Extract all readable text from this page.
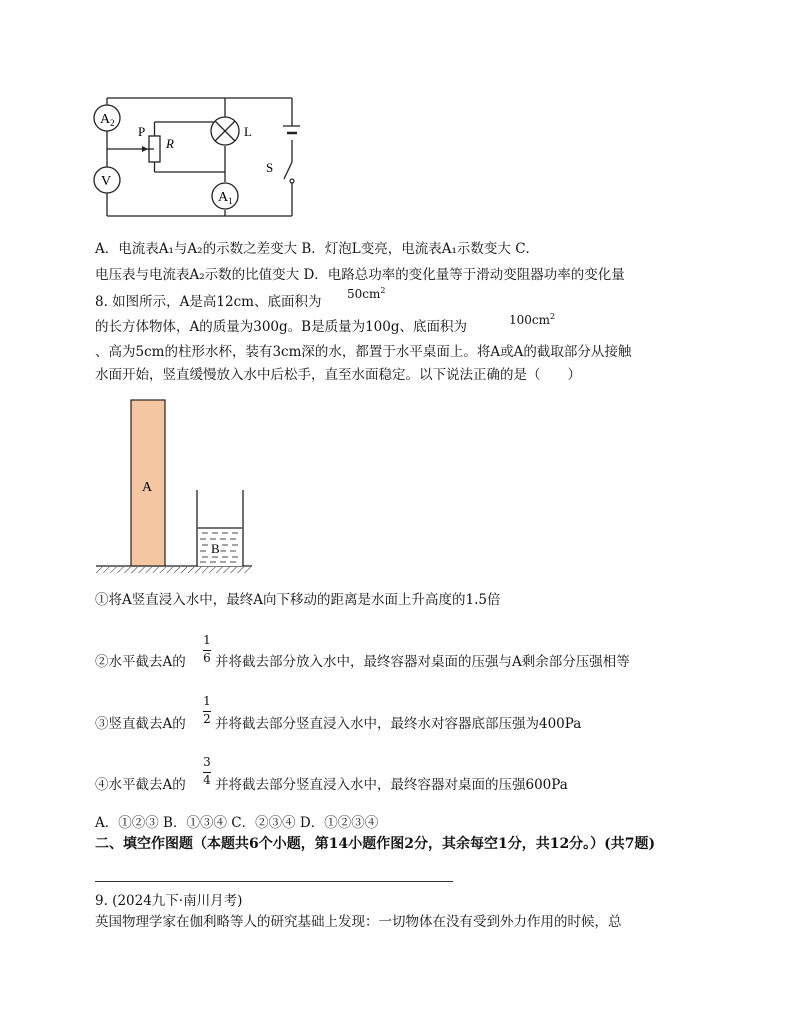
$A_2$
V
P
R
L
S
$A_1$
A．电流表A₁与A₂的示数之差变大 B．灯泡L变亮，电流表A₁示数变大 C．
电压表与电流表A₂示数的比值变大 D．电路总功率的变化量等于滑动变阻器功率的变化量
8. 如图所示，A是高12cm、底面积为 $50cm^2$
的长方体物体，A的质量为300g。B是质量为100g、底面积为	$100cm^2$
、高为5cm的柱形水杯，装有3cm深的水，都置于水平桌面上。将A或A的截取部分从接触
水面开始，竖直缓慢放入水中后松手，直至水面稳定。以下说法正确的是（　　）
A
B
①将A竖直浸入水中，最终A向下移动的距离是水面上升高度的1.5倍
②水平截去A的
1
6 并将截去部分放入水中，最终容器对桌面的压强与A剩余部分压强相等
③竖直截去A的
1
2 并将截去部分竖直浸入水中，最终水对容器底部压强为400Pa
④水平截去A的
3
4 并将截去部分竖直浸入水中，最终容器对桌面的压强600Pa
A．①②③ B．①③④ C．②③④ D．①②③④
二、填空作图题（本题共6个小题，第14小题作图2分，其余每空1分，共12分。）(共7题)
9. (2024九下·南川月考)
英国物理学家在伽利略等人的研究基础上发现：一切物体在没有受到外力作用的时候，总
